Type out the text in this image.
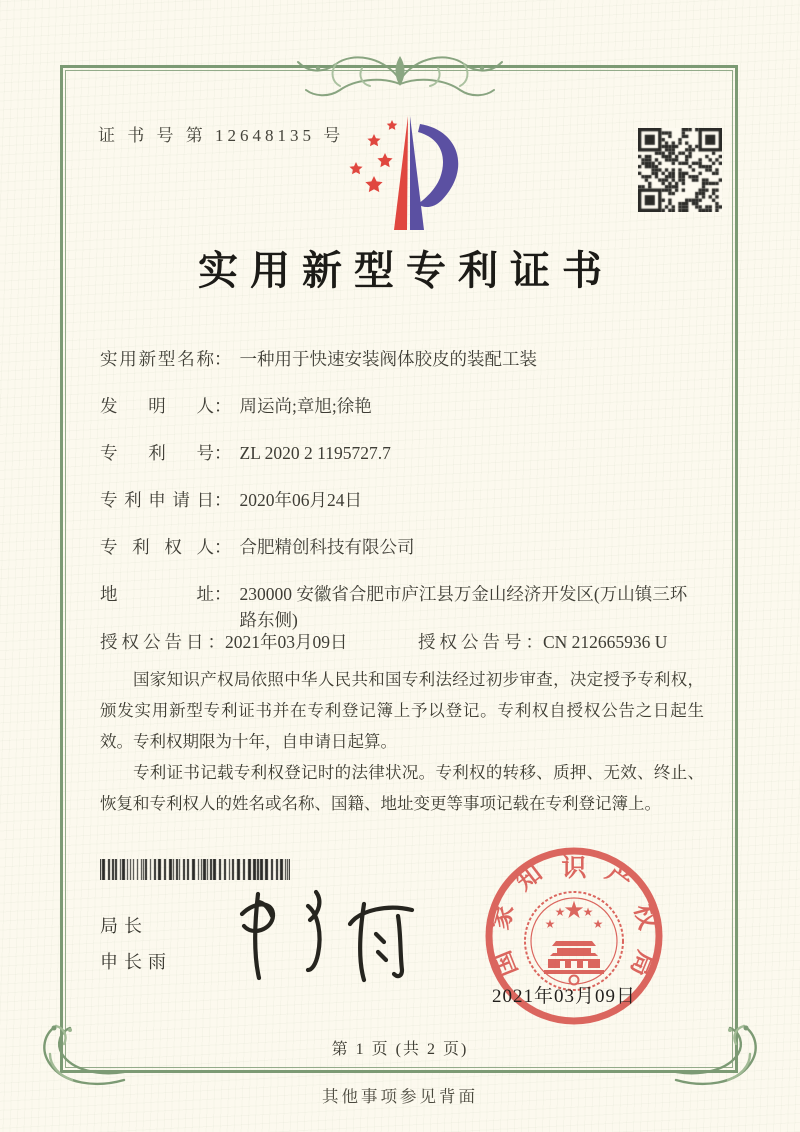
证 书 号 第 12648135 号
实用新型专利证书
实用新型名称： 一种用于快速安装阀体胶皮的装配工装
发明人： 周运尚;章旭;徐艳
专利号： ZL 2020 2 1195727.7
专利申请日： 2020年06月24日
专利权人： 合肥精创科技有限公司
地址： 230000 安徽省合肥市庐江县万金山经济开发区(万山镇三环路东侧)
授权公告日：2021年03月09日	授权公告号：CN 212665936 U

国家知识产权局依照中华人民共和国专利法经过初步审查，决定授予专利权，颁发实用新型专利证书并在专利登记簿上予以登记。专利权自授权公告之日起生效。专利权期限为十年，自申请日起算。

专利证书记载专利权登记时的法律状况。专利权的转移、质押、无效、终止、恢复和专利权人的姓名或名称、国籍、地址变更等事项记载在专利登记簿上。

局长
申长雨	国
家
知 识 产
权
局
★
★
★ ★
★
2021年03月09日
第 1 页 (共 2 页)
其他事项参见背面
